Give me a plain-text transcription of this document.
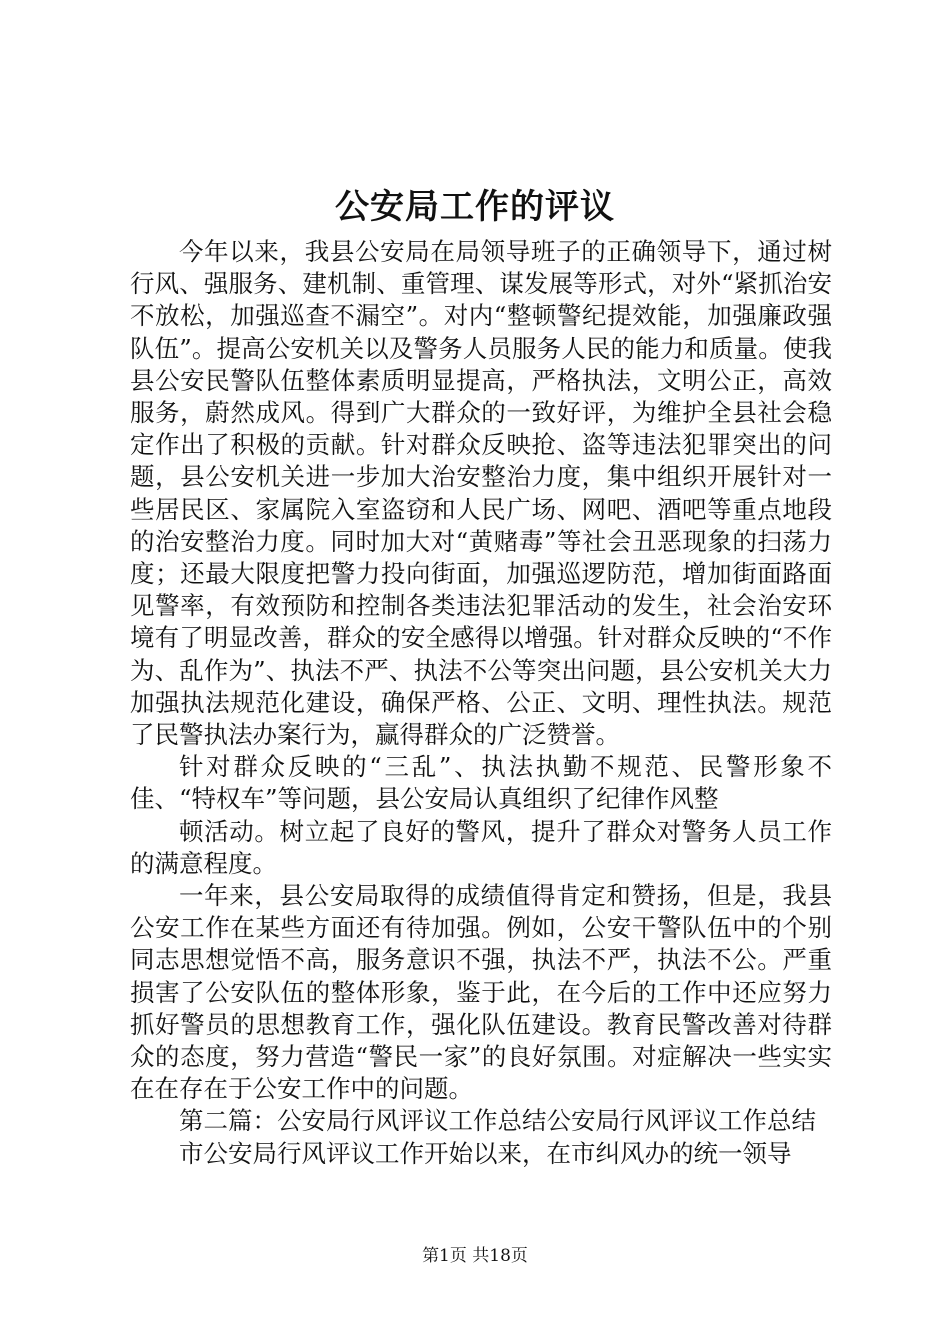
公安局工作的评议

今年以来，我县公安局在局领导班子的正确领导下，通过树行风、强服务、建机制、重管理、谋发展等形式，对外“紧抓治安不放松，加强巡查不漏空”。对内“整顿警纪提效能，加强廉政强队伍”。提高公安机关以及警务人员服务人民的能力和质量。使我县公安民警队伍整体素质明显提高，严格执法，文明公正，高效服务，蔚然成风。得到广大群众的一致好评，为维护全县社会稳定作出了积极的贡献。针对群众反映抢、盗等违法犯罪突出的问题，县公安机关进一步加大治安整治力度，集中组织开展针对一些居民区、家属院入室盗窃和人民广场、网吧、酒吧等重点地段的治安整治力度。同时加大对“黄赌毒”等社会丑恶现象的扫荡力度；还最大限度把警力投向街面，加强巡逻防范，增加街面路面见警率，有效预防和控制各类违法犯罪活动的发生，社会治安环境有了明显改善，群众的安全感得以增强。针对群众反映的“不作为、乱作为”、执法不严、执法不公等突出问题，县公安机关大力加强执法规范化建设，确保严格、公正、文明、理性执法。规范了民警执法办案行为，赢得群众的广泛赞誉。

针对群众反映的“三乱”、执法执勤不规范、民警形象不佳、“特权车”等问题，县公安局认真组织了纪律作风整

顿活动。树立起了良好的警风，提升了群众对警务人员工作的满意程度。

一年来，县公安局取得的成绩值得肯定和赞扬，但是，我县公安工作在某些方面还有待加强。例如，公安干警队伍中的个别同志思想觉悟不高，服务意识不强，执法不严，执法不公。严重损害了公安队伍的整体形象，鉴于此，在今后的工作中还应努力抓好警员的思想教育工作，强化队伍建设。教育民警改善对待群众的态度，努力营造“警民一家”的良好氛围。对症解决一些实实在在存在于公安工作中的问题。

第二篇：公安局行风评议工作总结公安局行风评议工作总结

市公安局行风评议工作开始以来，在市纠风办的统一领导

第1页 共18页
